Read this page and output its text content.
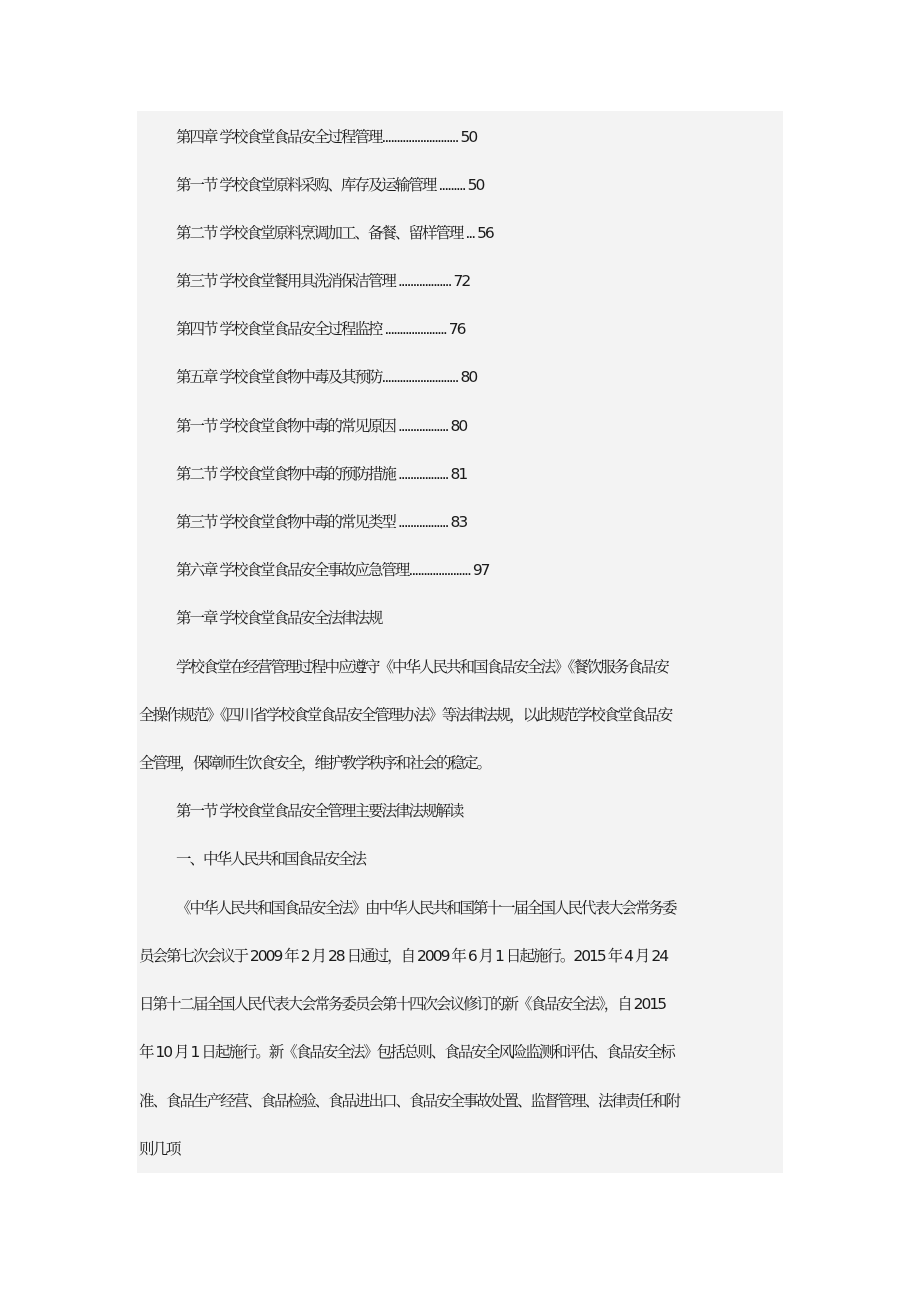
第四章 学校食堂食品安全过程管理.......................... 50
第一节 学校食堂原料采购、库存及运输管理 ......... 50
第二节 学校食堂原料烹调加工、备餐、留样管理 ... 56
第三节 学校食堂餐用具洗消保洁管理 .................. 72
第四节 学校食堂食品安全过程监控 ..................... 76
第五章 学校食堂食物中毒及其预防.......................... 80
第一节 学校食堂食物中毒的常见原因 ................. 80
第二节 学校食堂食物中毒的预防措施 ................. 81
第三节 学校食堂食物中毒的常见类型 ................. 83
第六章 学校食堂食品安全事故应急管理..................... 97
第一章 学校食堂食品安全法律法规
学校食堂在经营管理过程中应遵守《中华人民共和国食品安全法》《餐饮服务食品安
全操作规范》《四川省学校食堂食品安全管理办法》等法律法规，以此规范学校食堂食品安
全管理，保障师生饮食安全，维护教学秩序和社会的稳定。
第一节 学校食堂食品安全管理主要法律法规解读
一、中华人民共和国食品安全法
《中华人民共和国食品安全法》由中华人民共和国第十一届全国人民代表大会常务委
员会第七次会议于 2009 年 2 月 28 日通过，自 2009 年 6 月 1 日起施行。2015 年 4 月 24
日第十二届全国人民代表大会常务委员会第十四次会议修订的新《食品安全法》，自 2015
年 10 月 1 日起施行。新《食品安全法》包括总则、食品安全风险监测和评估、食品安全标
准、食品生产经营、食品检验、食品进出口、食品安全事故处置、监督管理、法律责任和附
则几项
